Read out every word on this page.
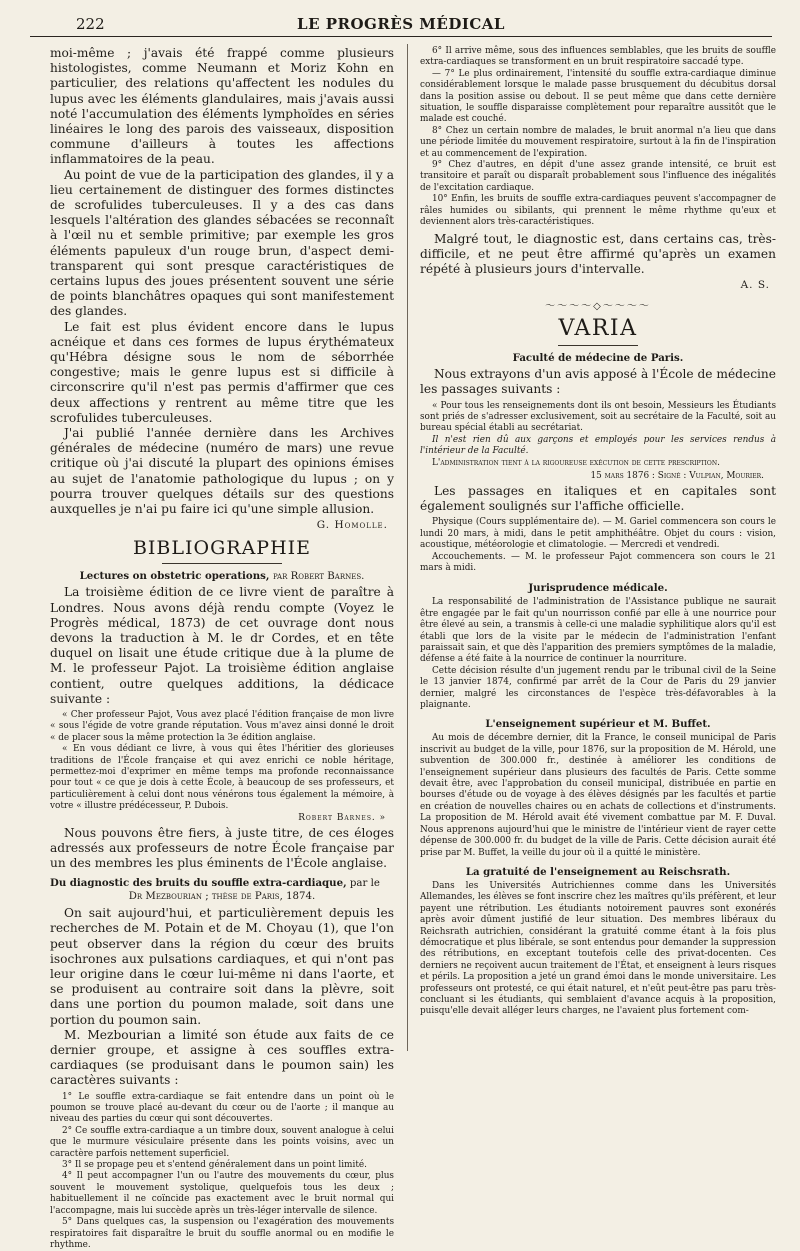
222	LE PROGRÈS MÉDICAL

moi-même ; j'avais été frappé comme plusieurs histologistes, comme Neumann et Moriz Kohn en particulier, des relations qu'affectent les nodules du lupus avec les éléments glandulaires, mais j'avais aussi noté l'accumulation des éléments lymphoïdes en séries linéaires le long des parois des vaisseaux, disposition commune d'ailleurs à toutes les affections inflammatoires de la peau.

Au point de vue de la participation des glandes, il y a lieu certainement de distinguer des formes distinctes de scrofulides tuberculeuses. Il y a des cas dans lesquels l'altération des glandes sébacées se reconnaît à l'œil nu et semble primitive; par exemple les gros éléments papuleux d'un rouge brun, d'aspect demi-transparent qui sont presque caractéristiques de certains lupus des joues présentent souvent une série de points blanchâtres opaques qui sont manifestement des glandes.

Le fait est plus évident encore dans le lupus acnéique et dans ces formes de lupus érythémateux qu'Hébra désigne sous le nom de séborrhée congestive; mais le genre lupus est si difficile à circonscrire qu'il n'est pas permis d'affirmer que ces deux affections y rentrent au même titre que les scrofulides tuberculeuses.

J'ai publié l'année dernière dans les Archives générales de médecine (numéro de mars) une revue critique où j'ai discuté la plupart des opinions émises au sujet de l'anatomie pathologique du lupus ; on y pourra trouver quelques détails sur des questions auxquelles je n'ai pu faire ici qu'une simple allusion.

G. Homolle.
BIBLIOGRAPHIE
Lectures on obstetric operations, par Robert Barnes.

La troisième édition de ce livre vient de paraître à Londres. Nous avons déjà rendu compte (Voyez le Progrès médical, 1873) de cet ouvrage dont nous devons la traduction à M. le dr Cordes, et en tête duquel on lisait une étude critique due à la plume de M. le professeur Pajot. La troisième édition anglaise contient, outre quelques additions, la dédicace suivante :

« Cher professeur Pajot, Vous avez placé l'édition française de mon livre « sous l'égide de votre grande réputation. Vous m'avez ainsi donné le droit « de placer sous la même protection la 3e édition anglaise.

« En vous dédiant ce livre, à vous qui êtes l'héritier des glorieuses traditions de l'École française et qui avez enrichi ce noble héritage, permettez-moi d'exprimer en même temps ma profonde reconnaissance pour tout « ce que je dois à cette École, à beaucoup de ses professeurs, et particulièrement à celui dont nous vénérons tous également la mémoire, à votre « illustre prédécesseur, P. Dubois.

Robert Barnes. »

Nous pouvons être fiers, à juste titre, de ces éloges adressés aux professeurs de notre École française par un des membres les plus éminents de l'École anglaise.

Du diagnostic des bruits du souffle extra-cardiaque, par le
Dr Mezbourian ; thèse de Paris, 1874.

On sait aujourd'hui, et particulièrement depuis les recherches de M. Potain et de M. Choyau (1), que l'on peut observer dans la région du cœur des bruits isochrones aux pulsations cardiaques, et qui n'ont pas leur origine dans le cœur lui-même ni dans l'aorte, et se produisent au contraire soit dans la plèvre, soit dans une portion du poumon malade, soit dans une portion du poumon sain.

M. Mezbourian a limité son étude aux faits de ce dernier groupe, et assigne à ces souffles extra-cardiaques (se produisant dans le poumon sain) les caractères suivants :

1° Le souffle extra-cardiaque se fait entendre dans un point où le poumon se trouve placé au-devant du cœur ou de l'aorte ; il manque au niveau des parties du cœur qui sont découvertes.

2° Ce souffle extra-cardiaque a un timbre doux, souvent analogue à celui que le murmure vésiculaire présente dans les points voisins, avec un caractère parfois nettement superficiel.

3° Il se propage peu et s'entend généralement dans un point limité.

4° Il peut accompagner l'un ou l'autre des mouvements du cœur, plus souvent le mouvement systolique, quelquefois tous les deux ; habituellement il ne coïncide pas exactement avec le bruit normal qui l'accompagne, mais lui succède après un très-léger intervalle de silence.

5° Dans quelques cas, la suspension ou l'exagération des mouvements respiratoires fait disparaître le bruit du souffle anormal ou en modifie le rhythme.

6° Il arrive même, sous des influences semblables, que les bruits de souffle extra-cardiaques se transforment en un bruit respiratoire saccadé type.

— 7° Le plus ordinairement, l'intensité du souffle extra-cardiaque diminue considérablement lorsque le malade passe brusquement du décubitus dorsal dans la position assise ou debout. Il se peut même que dans cette dernière situation, le souffle disparaisse complètement pour reparaître aussitôt que le malade est couché.

8° Chez un certain nombre de malades, le bruit anormal n'a lieu que dans une période limitée du mouvement respiratoire, surtout à la fin de l'inspiration et au commencement de l'expiration.

9° Chez d'autres, en dépit d'une assez grande intensité, ce bruit est transitoire et paraît ou disparaît probablement sous l'influence des inégalités de l'excitation cardiaque.

10° Enfin, les bruits de souffle extra-cardiaques peuvent s'accompagner de râles humides ou sibilants, qui prennent le même rhythme qu'eux et deviennent alors très-caractéristiques.

Malgré tout, le diagnostic est, dans certains cas, très-difficile, et ne peut être affirmé qu'après un examen répété à plusieurs jours d'intervalle.

A. S.
〜〜〜〜◇〜〜〜〜
VARIA
Faculté de médecine de Paris.

Nous extrayons d'un avis apposé à l'École de médecine les passages suivants :

« Pour tous les renseignements dont ils ont besoin, Messieurs les Étudiants sont priés de s'adresser exclusivement, soit au secrétaire de la Faculté, soit au bureau spécial établi au secrétariat.

Il n'est rien dû aux garçons et employés pour les services rendus à l'intérieur de la Faculté.

L'administration tient à la rigoureuse exécution de cette prescription.

15 mars 1876 : Signé : Vulpian, Mourier.

Les passages en italiques et en capitales sont également soulignés sur l'affiche officielle.

Physique (Cours supplémentaire de). — M. Gariel commencera son cours le lundi 20 mars, à midi, dans le petit amphithéâtre. Objet du cours : vision, acoustique, météorologie et climatologie. — Mercredi et vendredi.

Accouchements. — M. le professeur Pajot commencera son cours le 21 mars à midi.

Jurisprudence médicale.

La responsabilité de l'administration de l'Assistance publique ne saurait être engagée par le fait qu'un nourrisson confié par elle à une nourrice pour être élevé au sein, a transmis à celle-ci une maladie syphilitique alors qu'il est établi que lors de la visite par le médecin de l'administration l'enfant paraissait sain, et que dès l'apparition des premiers symptômes de la maladie, défense a été faite à la nourrice de continuer la nourriture.

Cette décision résulte d'un jugement rendu par le tribunal civil de la Seine le 13 janvier 1874, confirmé par arrêt de la Cour de Paris du 29 janvier dernier, malgré les circonstances de l'espèce très-défavorables à la plaignante.

L'enseignement supérieur et M. Buffet.

Au mois de décembre dernier, dit la France, le conseil municipal de Paris inscrivit au budget de la ville, pour 1876, sur la proposition de M. Hérold, une subvention de 300.000 fr., destinée à améliorer les conditions de l'enseignement supérieur dans plusieurs des facultés de Paris. Cette somme devait être, avec l'approbation du conseil municipal, distribuée en partie en bourses d'étude ou de voyage à des élèves désignés par les facultés et partie en création de nouvelles chaires ou en achats de collections et d'instruments. La proposition de M. Hérold avait été vivement combattue par M. F. Duval. Nous apprenons aujourd'hui que le ministre de l'intérieur vient de rayer cette dépense de 300.000 fr. du budget de la ville de Paris. Cette décision aurait été prise par M. Buffet, la veille du jour où il a quitté le ministère.

La gratuité de l'enseignement au Reischsrath.

Dans les Universités Autrichiennes comme dans les Universités Allemandes, les élèves se font inscrire chez les maîtres qu'ils préfèrent, et leur payent une rétribution. Les étudiants notoirement pauvres sont exonérés après avoir dûment justifié de leur situation. Des membres libéraux du Reichsrath autrichien, considérant la gratuité comme étant à la fois plus démocratique et plus libérale, se sont entendus pour demander la suppression des rétributions, en exceptant toutefois celle des privat-docenten. Ces derniers ne reçoivent aucun traitement de l'État, et enseignent à leurs risques et périls. La proposition a jeté un grand émoi dans le monde universitaire. Les professeurs ont protesté, ce qui était naturel, et n'eût peut-être pas paru très-concluant si les étudiants, qui semblaient d'avance acquis à la proposition, puisqu'elle devait alléger leurs charges, ne l'avaient plus fortement com-
